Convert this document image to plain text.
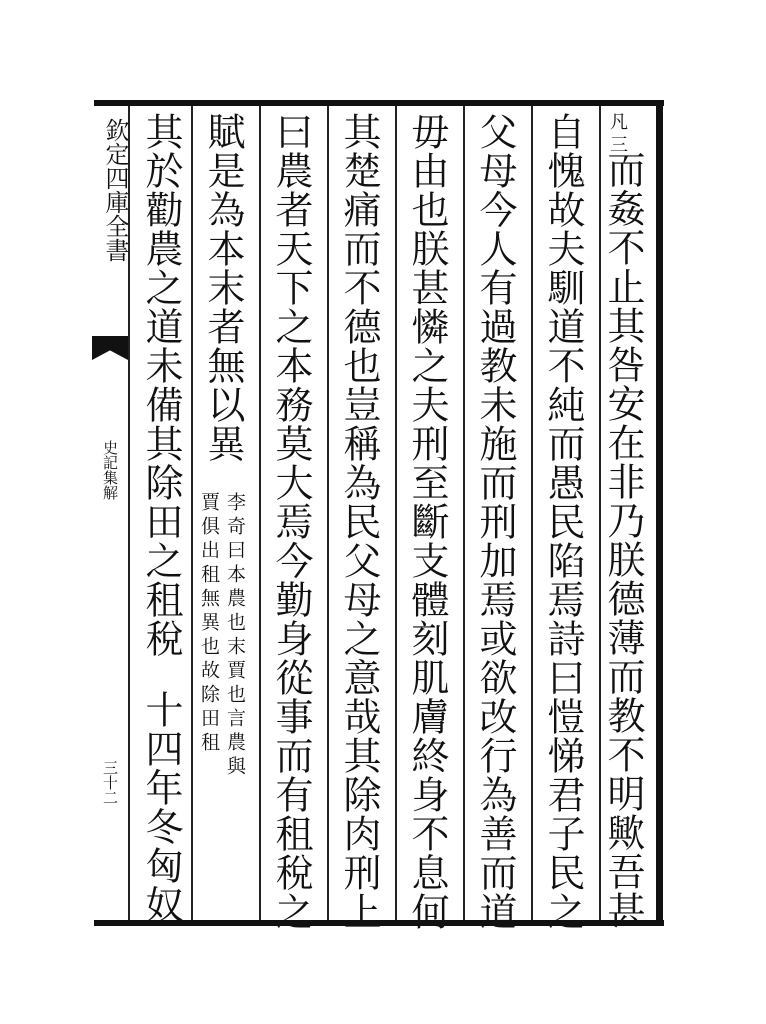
欽定四庫全書
史記集解
三十二
凡三
而姦不止其咎安在非乃朕德薄而教不明歟吾甚
自愧故夫馴道不純而愚民陷焉詩曰愷悌君子民之
父母今人有過教未施而刑加焉或欲改行為善而道
毋由也朕甚憐之夫刑至斷支體刻肌膚終身不息何
其楚痛而不德也豈稱為民父母之意哉其除肉刑上
曰農者天下之本務莫大焉今勤身從事而有租稅之
賦是為本末者無以異
李奇曰本農也末賈也言農與
賈俱出租無異也故除田租
其於勸農之道未備其除田之租稅
十四年冬匈奴
